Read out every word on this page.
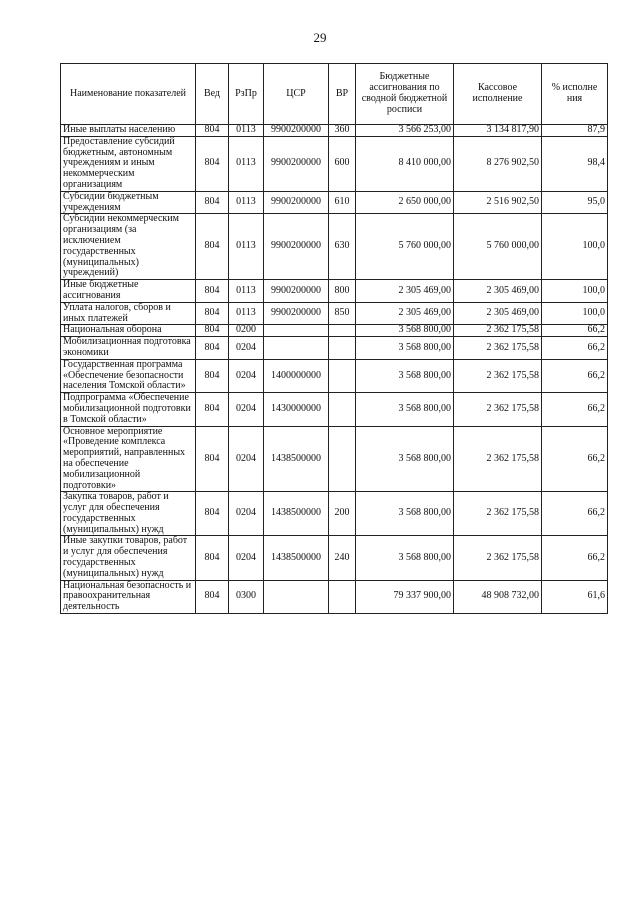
29
Наименование показателей	Вед	РзПр	ЦСР	ВР	Бюджетные ассигнования по сводной бюджетной росписи	Кассовое исполнение	% исполне ния
Иные выплаты населению	804	0113	9900200000	360	3 566 253,00	3 134 817,90	87,9
Предоставление субсидий бюджетным, автономным учреждениям и иным некоммерческим организациям	804	0113	9900200000	600	8 410 000,00	8 276 902,50	98,4
Субсидии бюджетным учреждениям	804	0113	9900200000	610	2 650 000,00	2 516 902,50	95,0
Субсидии некоммерческим организациям (за исключением государственных (муниципальных) учреждений)	804	0113	9900200000	630	5 760 000,00	5 760 000,00	100,0
Иные бюджетные ассигнования	804	0113	9900200000	800	2 305 469,00	2 305 469,00	100,0
Уплата налогов, сборов и иных платежей	804	0113	9900200000	850	2 305 469,00	2 305 469,00	100,0
Национальная оборона	804	0200			3 568 800,00	2 362 175,58	66,2
Мобилизационная подготовка экономики	804	0204			3 568 800,00	2 362 175,58	66,2
Государственная программа «Обеспечение безопасности населения Томской области»	804	0204	1400000000		3 568 800,00	2 362 175,58	66,2
Подпрограмма «Обеспечение мобилизационной подготовки в Томской области»	804	0204	1430000000		3 568 800,00	2 362 175,58	66,2
Основное мероприятие «Проведение комплекса мероприятий, направленных на обеспечение мобилизационной подготовки»	804	0204	1438500000		3 568 800,00	2 362 175,58	66,2
Закупка товаров, работ и услуг для обеспечения государственных (муниципальных) нужд	804	0204	1438500000	200	3 568 800,00	2 362 175,58	66,2
Иные закупки товаров, работ и услуг для обеспечения государственных (муниципальных) нужд	804	0204	1438500000	240	3 568 800,00	2 362 175,58	66,2
Национальная безопасность и правоохранительная деятельность	804	0300			79 337 900,00	48 908 732,00	61,6
